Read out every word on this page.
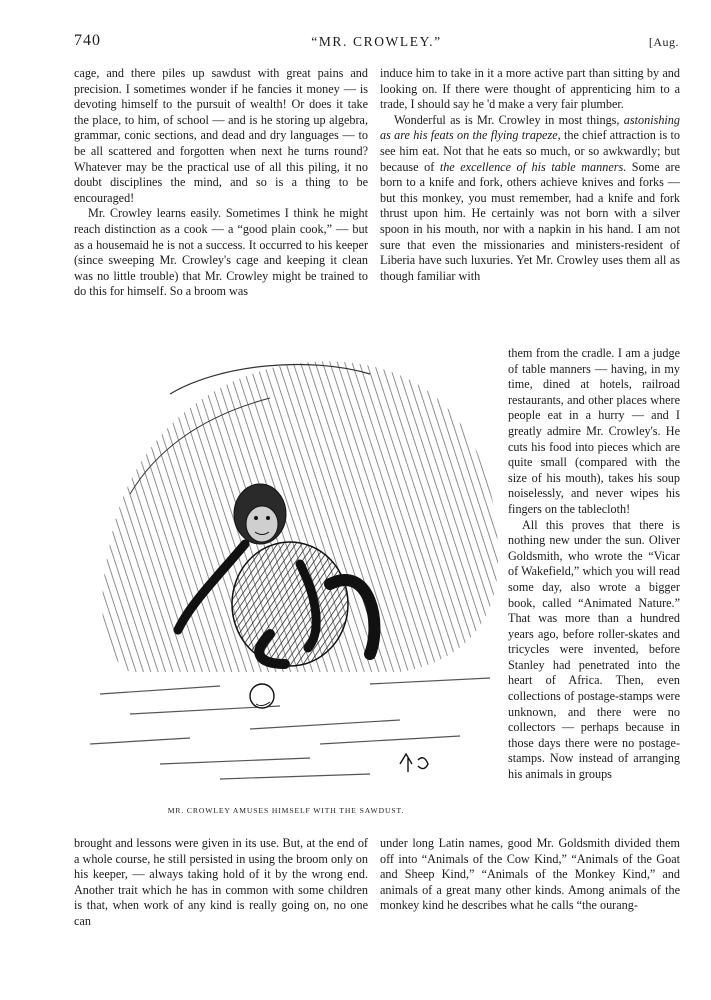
740	“MR. CROWLEY.”	[Aug.

cage, and there piles up sawdust with great pains and precision. I sometimes wonder if he fancies it money — is devoting himself to the pursuit of wealth! Or does it take the place, to him, of school — and is he storing up algebra, grammar, conic sections, and dead and dry languages — to be all scattered and forgotten when next he turns round? Whatever may be the practical use of all this piling, it no doubt disciplines the mind, and so is a thing to be encouraged!

Mr. Crowley learns easily. Sometimes I think he might reach distinction as a cook — a “good plain cook,” — but as a housemaid he is not a success. It occurred to his keeper (since sweeping Mr. Crowley's cage and keeping it clean was no little trouble) that Mr. Crowley might be trained to do this for himself. So a broom was

induce him to take in it a more active part than sitting by and looking on. If there were thought of apprenticing him to a trade, I should say he 'd make a very fair plumber.

Wonderful as is Mr. Crowley in most things, astonishing as are his feats on the flying trapeze, the chief attraction is to see him eat. Not that he eats so much, or so awkwardly; but because of the excellence of his table manners. Some are born to a knife and fork, others achieve knives and forks — but this monkey, you must remember, had a knife and fork thrust upon him. He certainly was not born with a silver spoon in his mouth, nor with a napkin in his hand. I am not sure that even the missionaries and ministers-resident of Liberia have such luxuries. Yet Mr. Crowley uses them all as though familiar with

them from the cradle. I am a judge of table manners — having, in my time, dined at hotels, railroad restaurants, and other places where people eat in a hurry — and I greatly admire Mr. Crowley's. He cuts his food into pieces which are quite small (compared with the size of his mouth), takes his soup noiselessly, and never wipes his fingers on the tablecloth!

All this proves that there is nothing new under the sun. Oliver Goldsmith, who wrote the “Vicar of Wakefield,” which you will read some day, also wrote a bigger book, called “Animated Nature.” That was more than a hundred years ago, before roller-skates and tricycles were invented, before Stanley had penetrated into the heart of Africa. Then, even collections of postage-stamps were unknown, and there were no collectors — perhaps because in those days there were no postage-stamps. Now instead of arranging his animals in groups

MR. CROWLEY AMUSES HIMSELF WITH THE SAWDUST.

brought and lessons were given in its use. But, at the end of a whole course, he still persisted in using the broom only on his keeper, — always taking hold of it by the wrong end. Another trait which he has in common with some children is that, when work of any kind is really going on, no one can

under long Latin names, good Mr. Goldsmith divided them off into “Animals of the Cow Kind,” “Animals of the Goat and Sheep Kind,” “Animals of the Monkey Kind,” and animals of a great many other kinds. Among animals of the monkey kind he describes what he calls “the ourang-
